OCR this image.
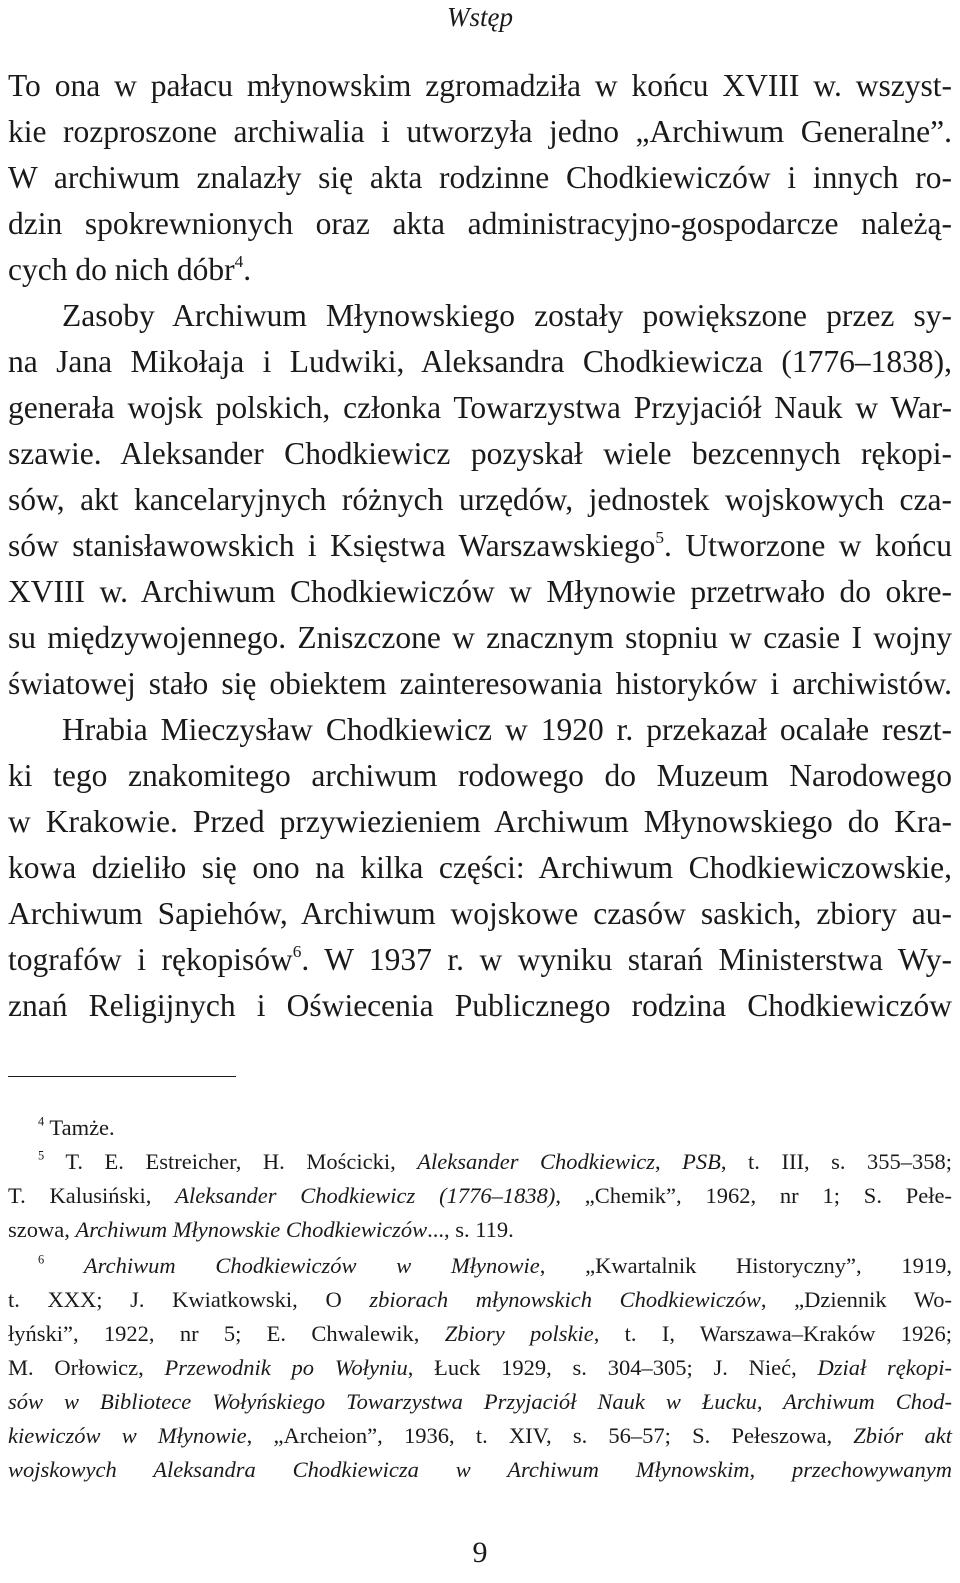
Wstęp
To ona w pałacu młynowskim zgromadziła w końcu XVIII w. wszyst-
kie rozproszone archiwalia i utworzyła jedno „Archiwum Generalne”.
W archiwum znalazły się akta rodzinne Chodkiewiczów i innych ro-
dzin spokrewnionych oraz akta administracyjno-gospodarcze należą-
cych do nich dóbr$^4$.
Zasoby Archiwum Młynowskiego zostały powiększone przez sy-
na Jana Mikołaja i Ludwiki, Aleksandra Chodkiewicza (1776–1838),
generała wojsk polskich, członka Towarzystwa Przyjaciół Nauk w War-
szawie. Aleksander Chodkiewicz pozyskał wiele bezcennych rękopi-
sów, akt kancelaryjnych różnych urzędów, jednostek wojskowych cza-
sów stanisławowskich i Księstwa Warszawskiego$^5$. Utworzone w końcu
XVIII w. Archiwum Chodkiewiczów w Młynowie przetrwało do okre-
su międzywojennego. Zniszczone w znacznym stopniu w czasie I wojny
światowej stało się obiektem zainteresowania historyków i archiwistów.
Hrabia Mieczysław Chodkiewicz w 1920 r. przekazał ocalałe reszt-
ki tego znakomitego archiwum rodowego do Muzeum Narodowego
w Krakowie. Przed przywiezieniem Archiwum Młynowskiego do Kra-
kowa dzieliło się ono na kilka części: Archiwum Chodkiewiczowskie,
Archiwum Sapiehów, Archiwum wojskowe czasów saskich, zbiory au-
tografów i rękopisów$^6$. W 1937 r. w wyniku starań Ministerstwa Wy-
znań Religijnych i Oświecenia Publicznego rodzina Chodkiewiczów
$^4$ Tamże.
$^5$ T. E. Estreicher, H. Mościcki, Aleksander Chodkiewicz, PSB, t. III, s. 355–358;
T. Kalusiński, Aleksander Chodkiewicz (1776–1838), „Chemik”, 1962, nr 1; S. Pełe-
szowa, Archiwum Młynowskie Chodkiewiczów..., s. 119.
$^6$ Archiwum Chodkiewiczów w Młynowie, „Kwartalnik Historyczny”, 1919,
t. XXX; J. Kwiatkowski, O zbiorach młynowskich Chodkiewiczów, „Dziennik Wo-
łyński”, 1922, nr 5; E. Chwalewik, Zbiory polskie, t. I, Warszawa–Kraków 1926;
M. Orłowicz, Przewodnik po Wołyniu, Łuck 1929, s. 304–305; J. Nieć, Dział rękopi-
sów w Bibliotece Wołyńskiego Towarzystwa Przyjaciół Nauk w Łucku, Archiwum Chod-
kiewiczów w Młynowie, „Archeion”, 1936, t. XIV, s. 56–57; S. Pełeszowa, Zbiór akt
wojskowych Aleksandra Chodkiewicza w Archiwum Młynowskim, przechowywanym
9
